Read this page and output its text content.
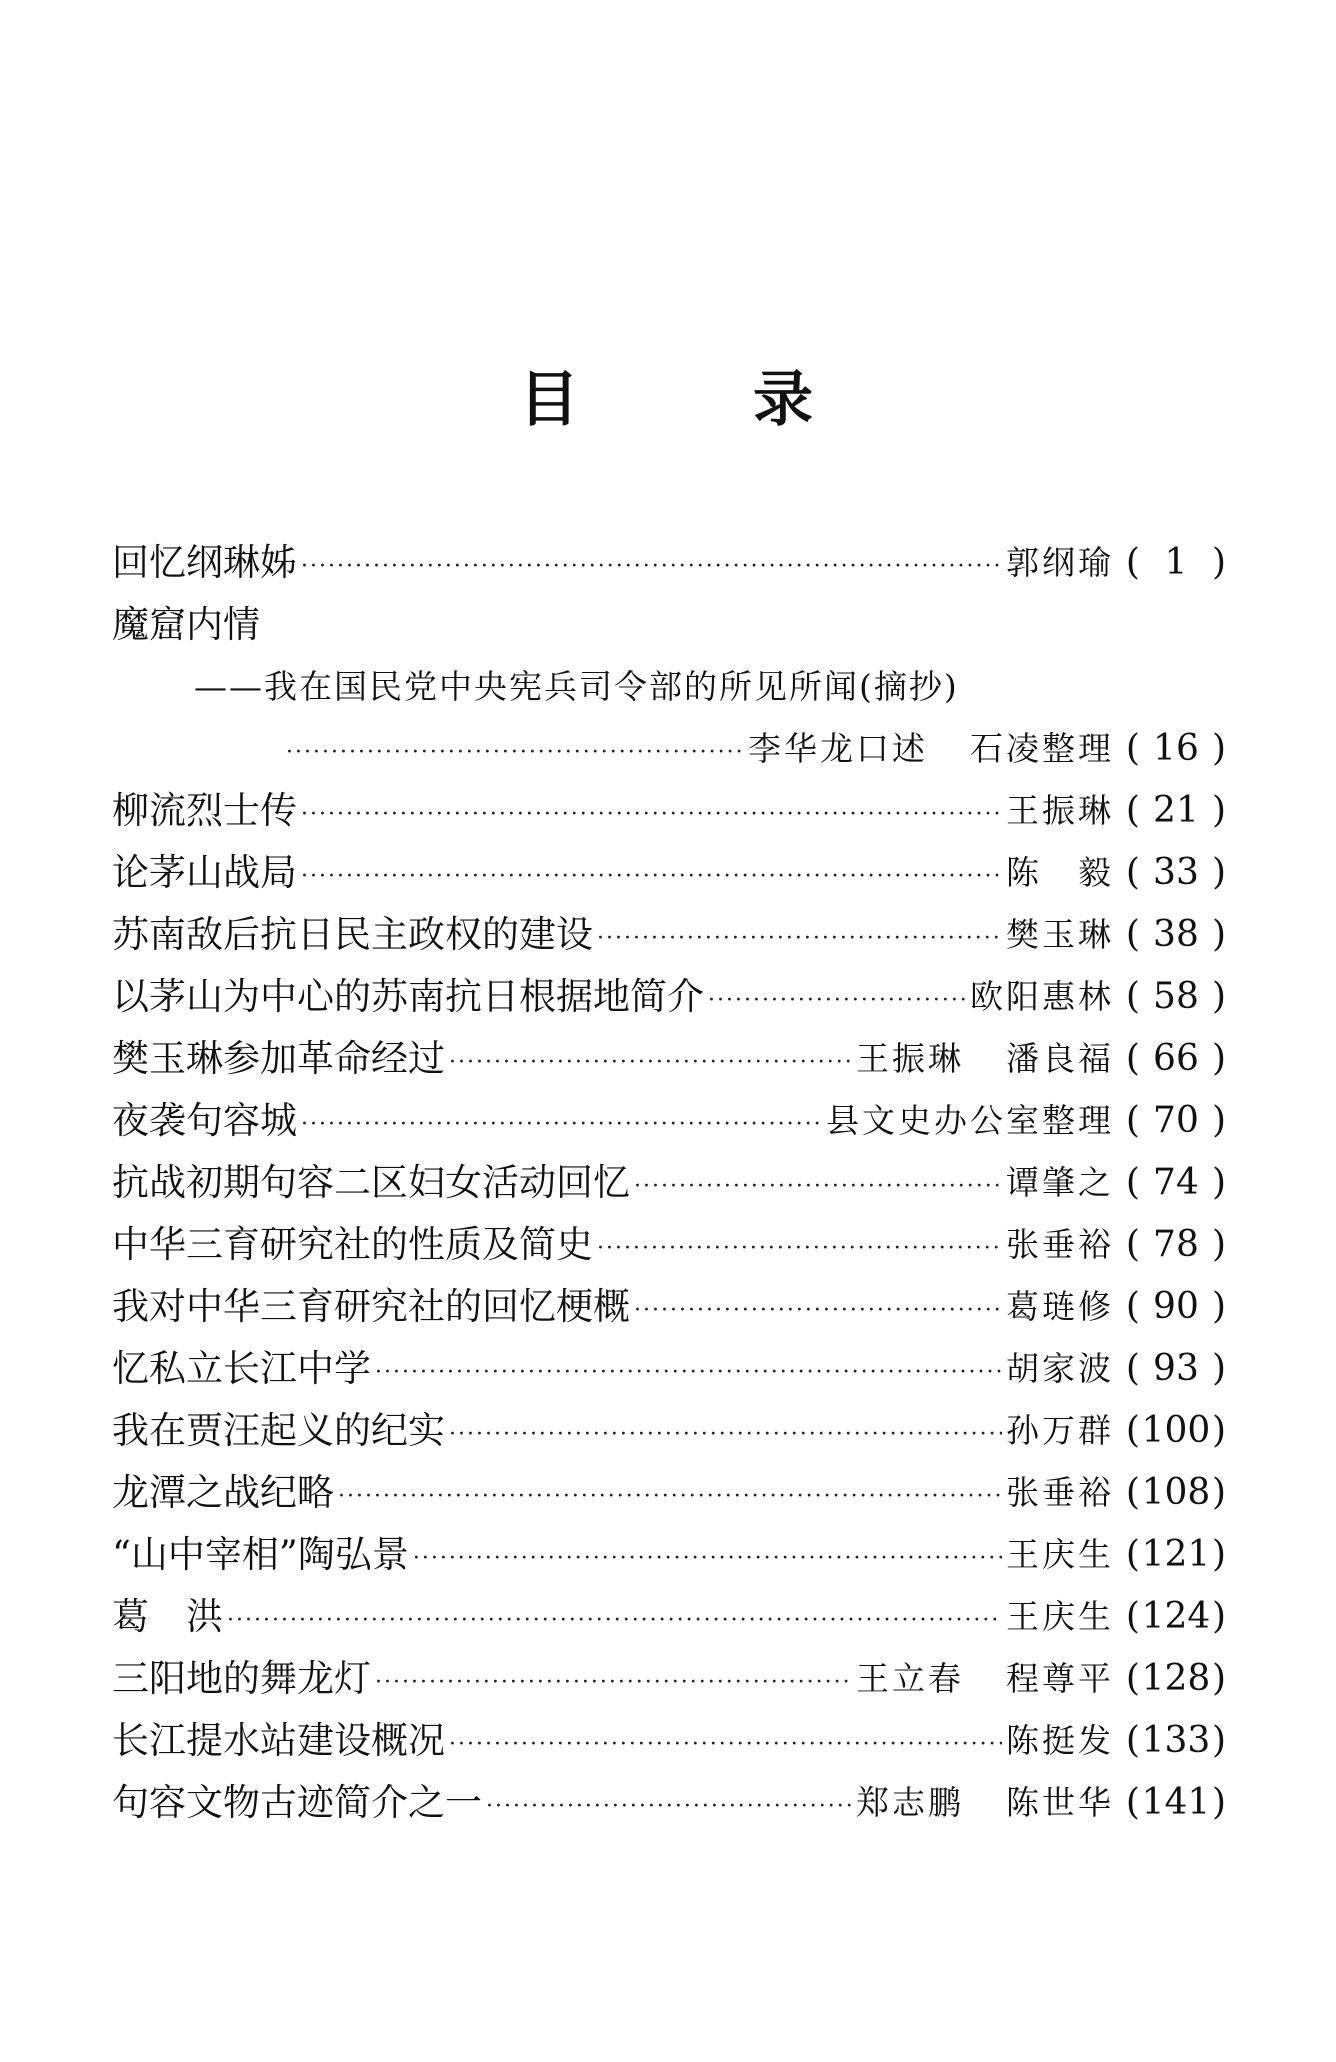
目	录
回忆纲琳姊 ·····	郭纲瑜 ( 1 )
魔窟内情
——我在国民党中央宪兵司令部的所见所闻(摘抄)
·····
李华龙口述 石凌整理 ( 16 )
柳流烈士传 ·····	王振琳 ( 21 )
论茅山战局 ·····	陈　毅 ( 33 )
苏南敌后抗日民主政权的建设 ·····	樊玉琳 ( 38 )
以茅山为中心的苏南抗日根据地简介 ·····	欧阳惠林 ( 58 )
樊玉琳参加革命经过 ·····	王振琳 潘良福 ( 66 )
夜袭句容城 ·····	县文史办公室整理 ( 70 )
抗战初期句容二区妇女活动回忆 ·····	谭肇之 ( 74 )
中华三育研究社的性质及简史 ·····	张垂裕 ( 78 )
我对中华三育研究社的回忆梗概 ·····	葛琏修 ( 90 )
忆私立长江中学 ·····	胡家波 ( 93 )
我在贾汪起义的纪实 ·····	孙万群 (100)
龙潭之战纪略 ·····	张垂裕 (108)
“山中宰相”陶弘景 ·····	王庆生 (121)
葛　洪 ·····	王庆生 (124)
三阳地的舞龙灯 ·····	王立春 程尊平 (128)
长江提水站建设概况 ·····	陈挺发 (133)
句容文物古迹简介之一 ·····	郑志鹏 陈世华 (141)
